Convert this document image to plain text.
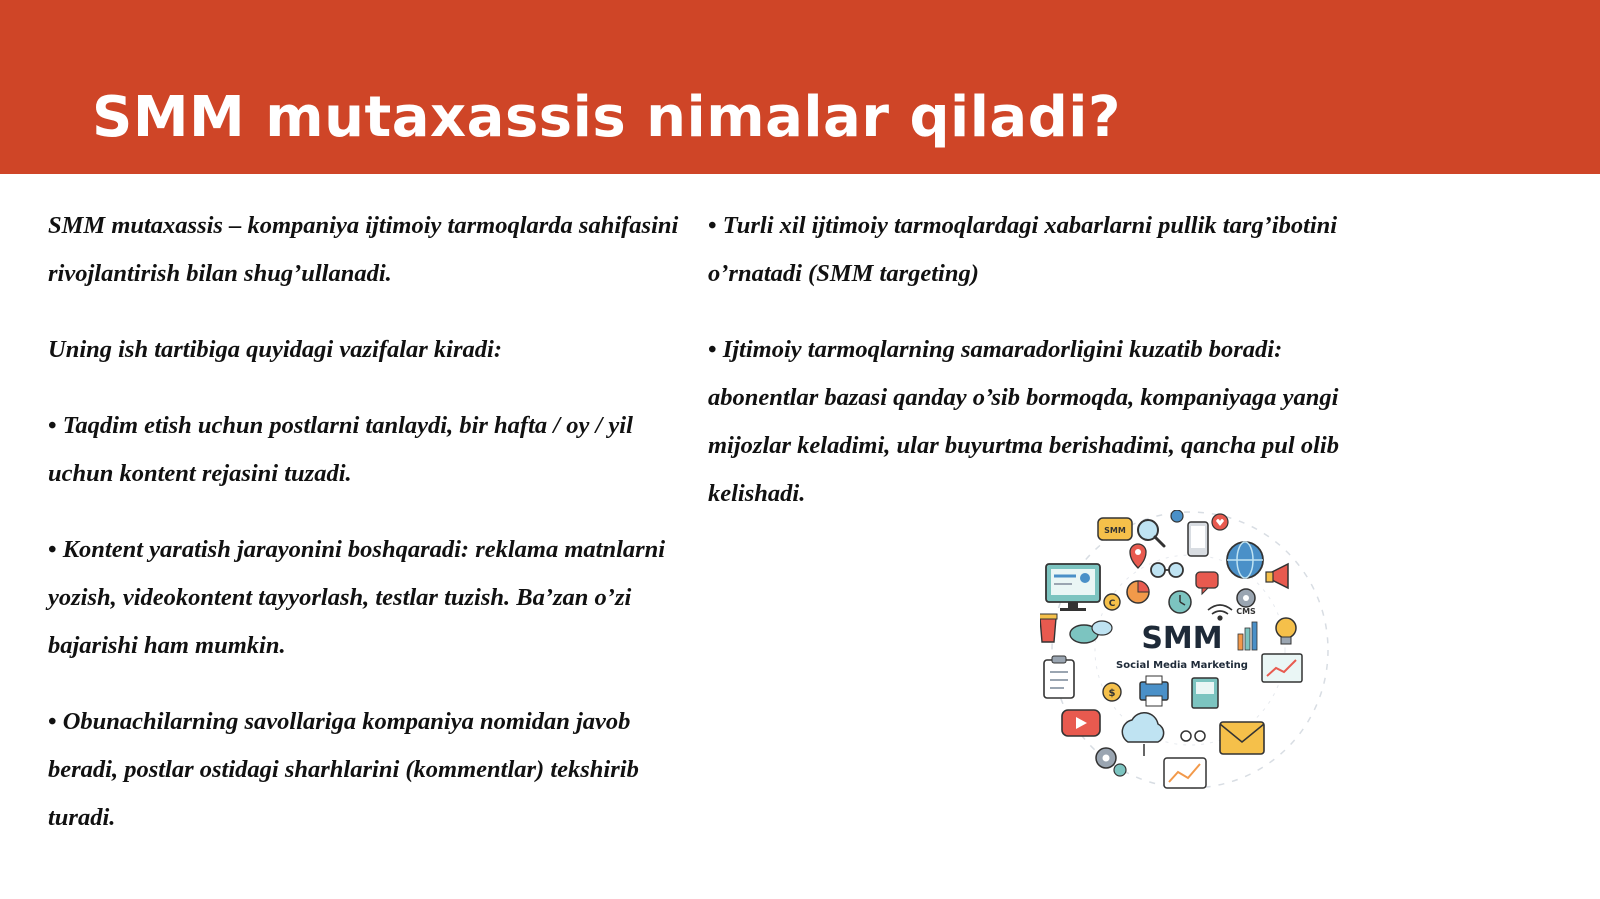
SMM mutaxassis nimalar qiladi?

SMM mutaxassis – kompaniya ijtimoiy tarmoqlarda sahifasini rivojlantirish bilan shug’ullanadi.

Uning ish tartibiga quyidagi vazifalar kiradi:

• Taqdim etish uchun postlarni tanlaydi, bir hafta / oy / yil uchun kontent rejasini tuzadi.

• Kontent yaratish jarayonini boshqaradi: reklama matnlarni yozish, videokontent tayyorlash, testlar tuzish. Ba’zan o’zi bajarishi ham mumkin.

• Obunachilarning savollariga kompaniya nomidan javob beradi, postlar ostidagi sharhlarini (kommentlar) tekshirib turadi.

• Turli xil ijtimoiy tarmoqlardagi xabarlarni pullik targ’ibotini o’rnatadi (SMM targeting)

• Ijtimoiy tarmoqlarning samaradorligini kuzatib boradi: abonentlar bazasi qanday o’sib bormoqda, kompaniyaga yangi mijozlar keladimi, ular buyurtma berishadimi, qancha pul olib kelishadi.

SMM
C
CMS
SMM
Social Media Marketing
$
